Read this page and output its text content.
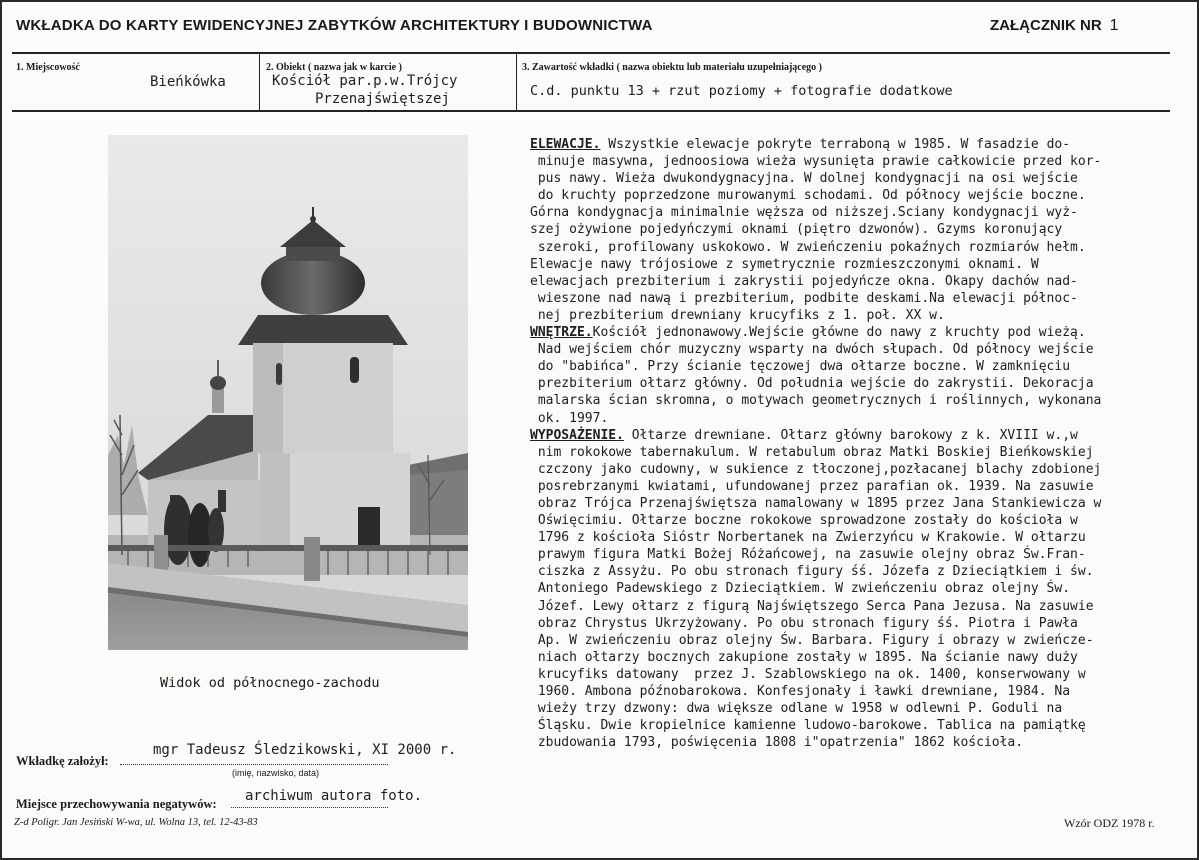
WKŁADKA DO KARTY EWIDENCYJNEJ ZABYTKÓW ARCHITEKTURY I BUDOWNICTWA	ZAŁĄCZNIK NR 1
1. Miejscowość
Bieńkówka
2. Obiekt ( nazwa jak w karcie )
Kościół par.p.w.Trójcy
Przenajświętszej
3. Zawartość wkładki ( nazwa obiektu lub materiału uzupełniającego )
C.d. punktu 13 + rzut poziomy + fotografie dodatkowe
Widok od północnego-zachodu
ELEWACJE. Wszystkie elewacje pokryte terraboną w 1985. W fasadzie do-
minuje masywna, jednoosiowa wieża wysunięta prawie całkowicie przed kor-
pus nawy. Wieża dwukondygnacyjna. W dolnej kondygnacji na osi wejście
do kruchty poprzedzone murowanymi schodami. Od północy wejście boczne.
Górna kondygnacja minimalnie węższa od niższej.Sciany kondygnacji wyż-
szej ożywione pojedyńczymi oknami (piętro dzwonów). Gzyms koronujący
szeroki, profilowany uskokowo. W zwieńczeniu pokaźnych rozmiarów hełm.
Elewacje nawy trójosiowe z symetrycznie rozmieszczonymi oknami. W
elewacjach prezbiterium i zakrystii pojedyńcze okna. Okapy dachów nad-
wieszone nad nawą i prezbiterium, podbite deskami.Na elewacji północ-
nej prezbiterium drewniany krucyfiks z 1. poł. XX w.
WNĘTRZE.Kościół jednonawowy.Wejście główne do nawy z kruchty pod wieżą.
Nad wejściem chór muzyczny wsparty na dwóch słupach. Od północy wejście
do "babińca". Przy ścianie tęczowej dwa ołtarze boczne. W zamknięciu
prezbiterium ołtarz główny. Od południa wejście do zakrystii. Dekoracja
malarska ścian skromna, o motywach geometrycznych i roślinnych, wykonana
ok. 1997.
WYPOSAŻENIE. Ołtarze drewniane. Ołtarz główny barokowy z k. XVIII w.,w
nim rokokowe tabernakulum. W retabulum obraz Matki Boskiej Bieńkowskiej
czczony jako cudowny, w sukience z tłoczonej,pozłacanej blachy zdobionej
posrebrzanymi kwiatami, ufundowanej przez parafian ok. 1939. Na zasuwie
obraz Trójca Przenajświętsza namalowany w 1895 przez Jana Stankiewicza w
Oświęcimiu. Ołtarze boczne rokokowe sprowadzone zostały do kościoła w
1796 z kościoła Sióstr Norbertanek na Zwierzyńcu w Krakowie. W ołtarzu
prawym figura Matki Bożej Różańcowej, na zasuwie olejny obraz Św.Fran-
ciszka z Assyżu. Po obu stronach figury śś. Józefa z Dzieciątkiem i św.
Antoniego Padewskiego z Dzieciątkiem. W zwieńczeniu obraz olejny Św.
Józef. Lewy ołtarz z figurą Najświętszego Serca Pana Jezusa. Na zasuwie
obraz Chrystus Ukrzyżowany. Po obu stronach figury śś. Piotra i Pawła
Ap. W zwieńczeniu obraz olejny Św. Barbara. Figury i obrazy w zwieńcze-
niach ołtarzy bocznych zakupione zostały w 1895. Na ścianie nawy duży
krucyfiks datowany  przez J. Szablowskiego na ok. 1400, konserwowany w
1960. Ambona późnobarokowa. Konfesjonały i ławki drewniane, 1984. Na
wieży trzy dzwony: dwa większe odlane w 1958 w odlewni P. Goduli na
Śląsku. Dwie kropielnice kamienne ludowo-barokowe. Tablica na pamiątkę
zbudowania 1793, poświęcenia 1808 i"opatrzenia" 1862 kościoła.
Wkładkę założył:
mgr Tadeusz Śledzikowski, XI 2000 r.
(imię, nazwisko, data)
Miejsce przechowywania negatywów: archiwum autora foto.
Z-d Poligr. Jan Jesiński W-wa, ul. Wolna 13, tel. 12-43-83	Wzór ODZ 1978 r.
